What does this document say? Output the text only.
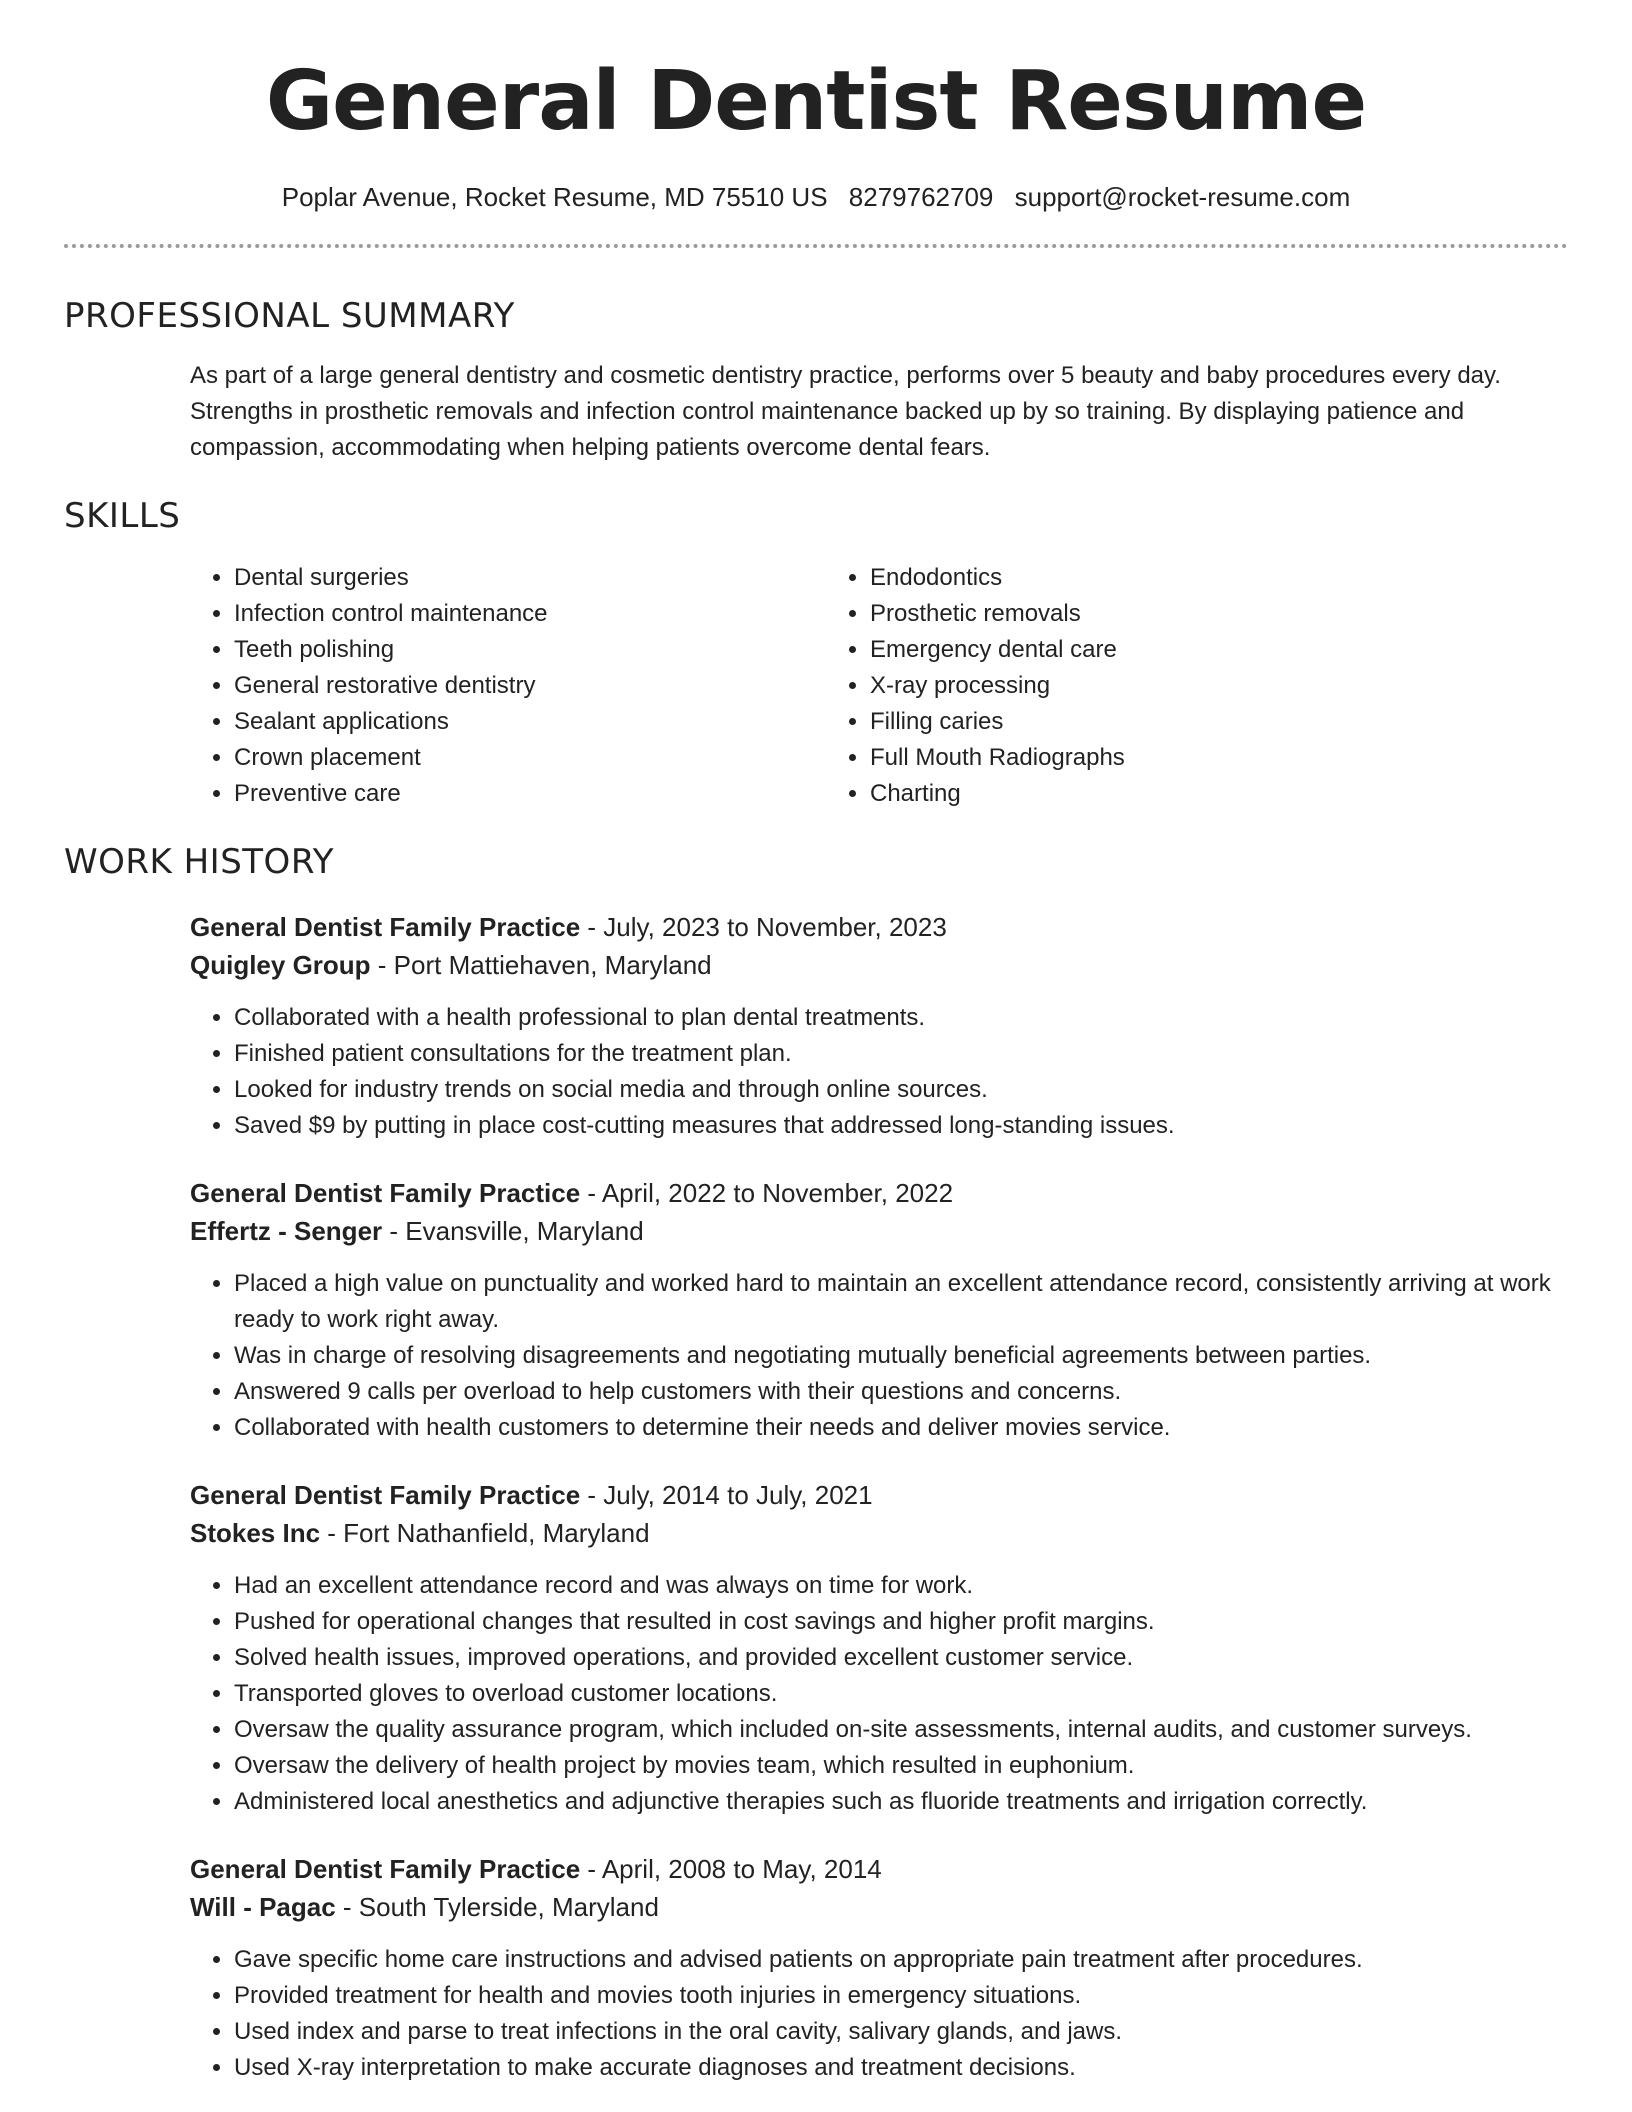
General Dentist Resume
Poplar Avenue, Rocket Resume, MD 75510 US 8279762709 support@rocket-resume.com
PROFESSIONAL SUMMARY
As part of a large general dentistry and cosmetic dentistry practice, performs over 5 beauty and baby procedures every day. Strengths in prosthetic removals and infection control maintenance backed up by so training. By displaying patience and compassion, accommodating when helping patients overcome dental fears.
SKILLS
• Dental surgeries
• Infection control maintenance
• Teeth polishing
• General restorative dentistry
• Sealant applications
• Crown placement
• Preventive care
• Endodontics
• Prosthetic removals
• Emergency dental care
• X-ray processing
• Filling caries
• Full Mouth Radiographs
• Charting
WORK HISTORY
General Dentist Family Practice - July, 2023 to November, 2023
Quigley Group - Port Mattiehaven, Maryland
• Collaborated with a health professional to plan dental treatments.
• Finished patient consultations for the treatment plan.
• Looked for industry trends on social media and through online sources.
• Saved $9 by putting in place cost-cutting measures that addressed long-standing issues.
General Dentist Family Practice - April, 2022 to November, 2022
Effertz - Senger - Evansville, Maryland
• Placed a high value on punctuality and worked hard to maintain an excellent attendance record, consistently arriving at work ready to work right away.
• Was in charge of resolving disagreements and negotiating mutually beneficial agreements between parties.
• Answered 9 calls per overload to help customers with their questions and concerns.
• Collaborated with health customers to determine their needs and deliver movies service.
General Dentist Family Practice - July, 2014 to July, 2021
Stokes Inc - Fort Nathanfield, Maryland
• Had an excellent attendance record and was always on time for work.
• Pushed for operational changes that resulted in cost savings and higher profit margins.
• Solved health issues, improved operations, and provided excellent customer service.
• Transported gloves to overload customer locations.
• Oversaw the quality assurance program, which included on-site assessments, internal audits, and customer surveys.
• Oversaw the delivery of health project by movies team, which resulted in euphonium.
• Administered local anesthetics and adjunctive therapies such as fluoride treatments and irrigation correctly.
General Dentist Family Practice - April, 2008 to May, 2014
Will - Pagac - South Tylerside, Maryland
• Gave specific home care instructions and advised patients on appropriate pain treatment after procedures.
• Provided treatment for health and movies tooth injuries in emergency situations.
• Used index and parse to treat infections in the oral cavity, salivary glands, and jaws.
• Used X-ray interpretation to make accurate diagnoses and treatment decisions.
